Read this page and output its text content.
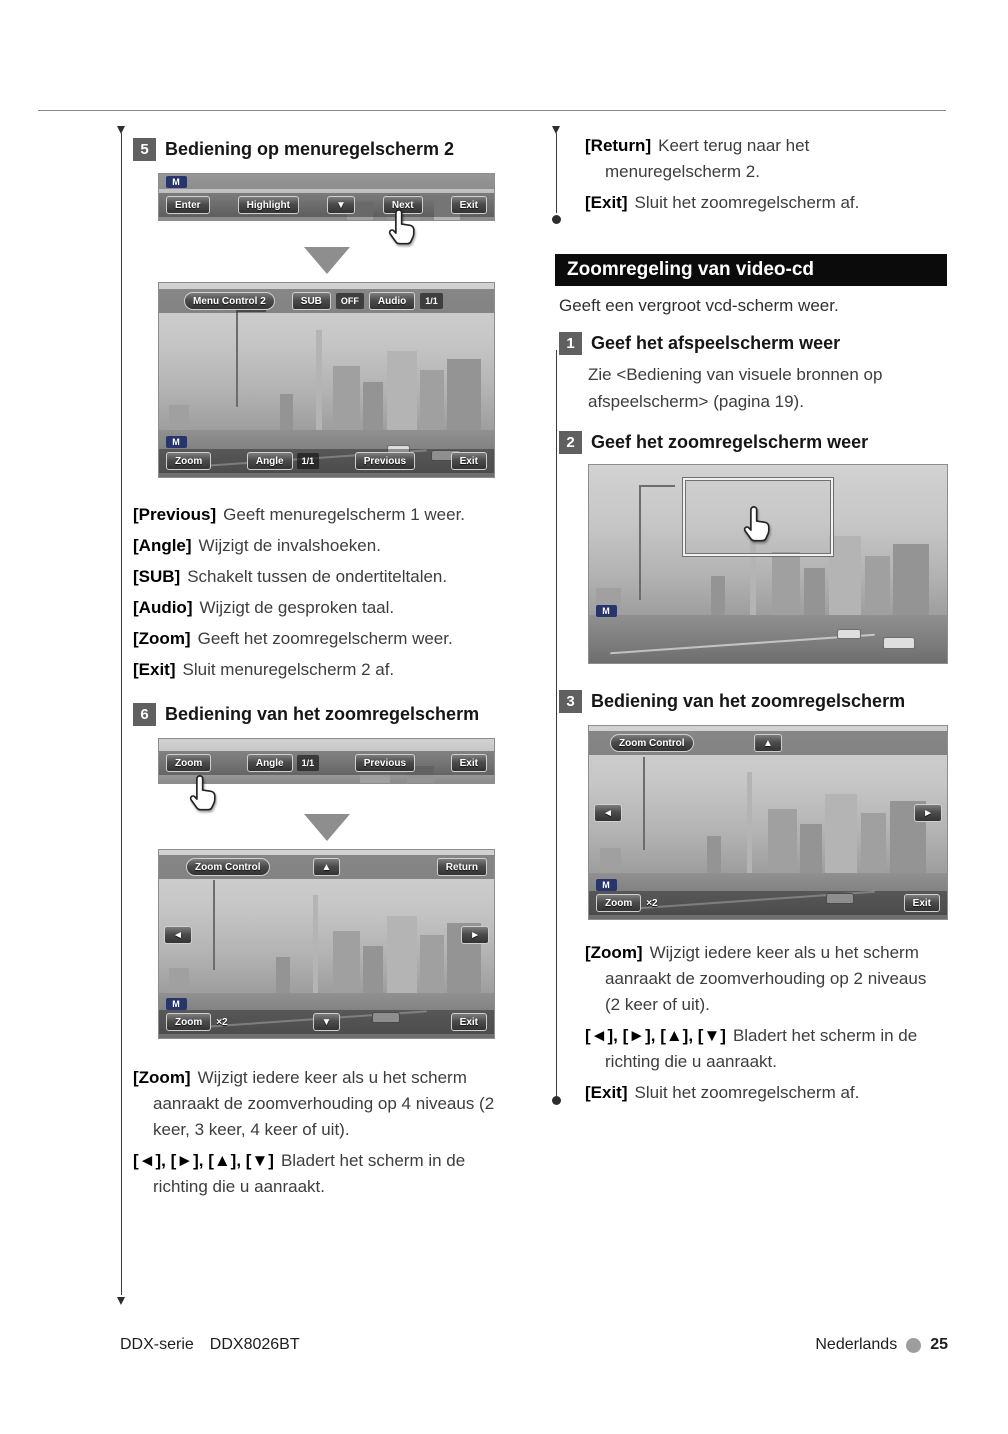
5 Bediening op menuregelscherm 2
M
Enter	Highlight	▼	Next	Exit
Menu Control 2	SUB	OFF	Audio	1/1
M
Zoom	Angle	1/1	Previous	Exit

[Previous] Geeft menuregelscherm 1 weer.

[Angle] Wijzigt de invalshoeken.

[SUB] Schakelt tussen de ondertiteltalen.

[Audio] Wijzigt de gesproken taal.

[Zoom] Geeft het zoomregelscherm weer.

[Exit] Sluit menuregelscherm 2 af.

6 Bediening van het zoomregelscherm
Zoom	Angle	1/1	Previous	Exit
Zoom Control	▲	Return
◄	►
M
Zoom	×2	▼	Exit

[Zoom] Wijzigt iedere keer als u het scherm aanraakt de zoomverhouding op 4 niveaus (2 keer, 3 keer, 4 keer of uit).

[◄], [►], [▲], [▼] Bladert het scherm in de richting die u aanraakt.

[Return] Keert terug naar het menuregelscherm 2.

[Exit] Sluit het zoomregelscherm af.

Zoomregeling van video-cd

Geeft een vergroot vcd-scherm weer.

1 Geef het afspeelscherm weer

Zie <Bediening van visuele bronnen op afspeelscherm> (pagina 19).

2 Geef het zoomregelscherm weer
M
3 Bediening van het zoomregelscherm
Zoom Control	▲
◄	►
M
Zoom	×2	Exit

[Zoom] Wijzigt iedere keer als u het scherm aanraakt de zoomverhouding op 2 niveaus (2 keer of uit).

[◄], [►], [▲], [▼] Bladert het scherm in de richting die u aanraakt.

[Exit] Sluit het zoomregelscherm af.

DDX-serie DDX8026BT	Nederlands 25
